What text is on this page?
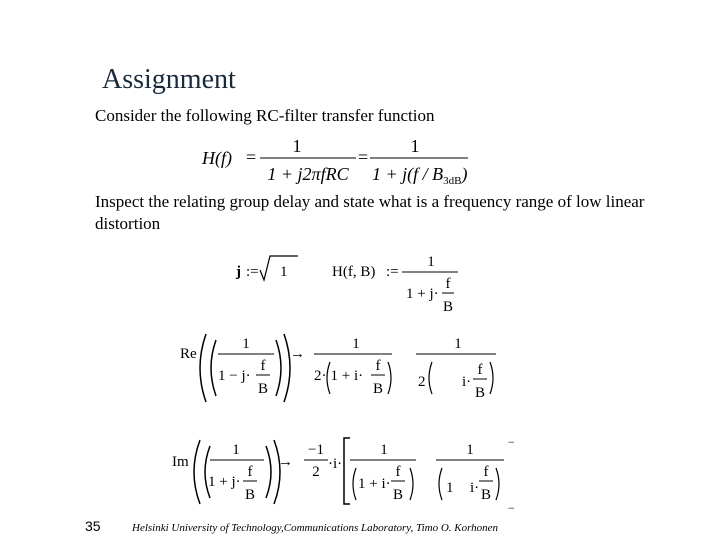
Assignment
Consider the following RC-filter transfer function
H(f) =
1
1 + j2πfRC
=
1
$1 + j(f / B_{3dB})$
Inspect the relating group delay and state what is a frequency range of low linear distortion
j := 1	H(f, B) :=
1
1 + j·
f
B
Re
1
1 − j·
f
B
→
1
2· 1 + i·
f
B
1
2 i·
f
B
Im
1
1 + j·
f
B
→
−1
2 ·i·
1
1 + i·
f
B
1
1 i·
f
B
−
−
35	Helsinki University of Technology,Communications Laboratory, Timo O. Korhonen
